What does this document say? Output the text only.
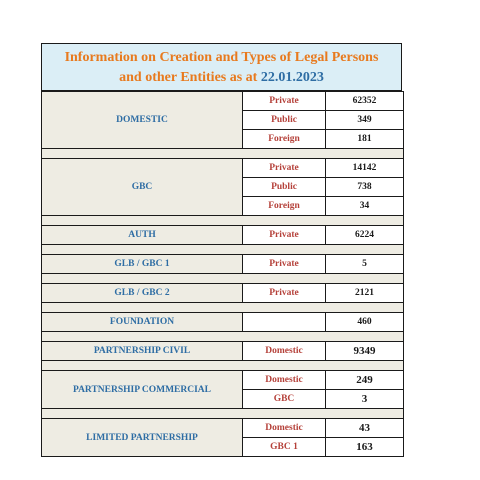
Information on Creation and Types of Legal Persons
and other Entities as at 22.01.2023
DOMESTIC	Private	62352
	Public	349
	Foreign	181

GBC	Private	14142
	Public	738
	Foreign	34

AUTH	Private	6224

GLB / GBC 1	Private	5

GLB / GBC 2	Private	2121

FOUNDATION		460

PARTNERSHIP CIVIL	Domestic	9349

PARTNERSHIP COMMERCIAL	Domestic	249
	GBC	3

LIMITED PARTNERSHIP	Domestic	43
	GBC 1	163
